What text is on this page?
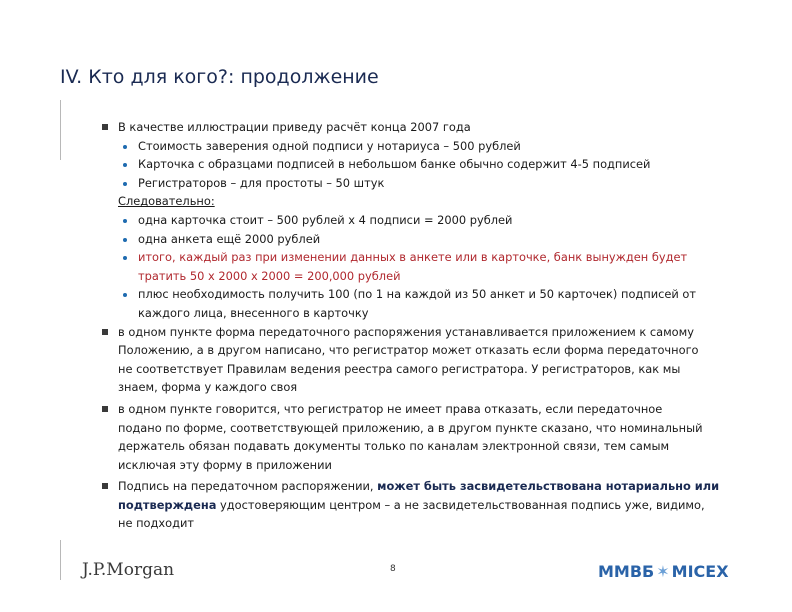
IV. Кто для кого?: продолжение
В качестве иллюстрации приведу расчёт конца 2007 года
Стоимость заверения одной подписи у нотариуса – 500 рублей
Карточка с образцами подписей в небольшом банке обычно содержит 4-5 подписей
Регистраторов – для простоты – 50 штук
Следовательно:
одна карточка стоит – 500 рублей х 4 подписи = 2000 рублей
одна анкета ещё 2000 рублей
итого, каждый раз при изменении данных в анкете или в карточке, банк вынужден будет
тратить 50 х 2000 х 2000 = 200,000 рублей
плюс необходимость получить 100 (по 1 на каждой из 50 анкет и 50 карточек) подписей от
каждого лица, внесенного в карточку
в одном пункте форма передаточного распоряжения устанавливается приложением к самому
Положению, а в другом написано, что регистратор может отказать если форма передаточного
не соответствует Правилам ведения реестра самого регистратора. У регистраторов, как мы
знаем, форма у каждого своя
в одном пункте говорится, что регистратор не имеет права отказать, если передаточное
подано по форме, соответствующей приложению, а в другом пункте сказано, что номинальный
держатель обязан подавать документы только по каналам электронной связи, тем самым
исключая эту форму в приложении
Подпись на передаточном распоряжении, может быть засвидетельствована нотариально или
подтверждена удостоверяющим центром – а не засвидетельствованная подпись уже, видимо,
не подходит
J.P.Morgan	8	ММВБ ✶ MICEX
